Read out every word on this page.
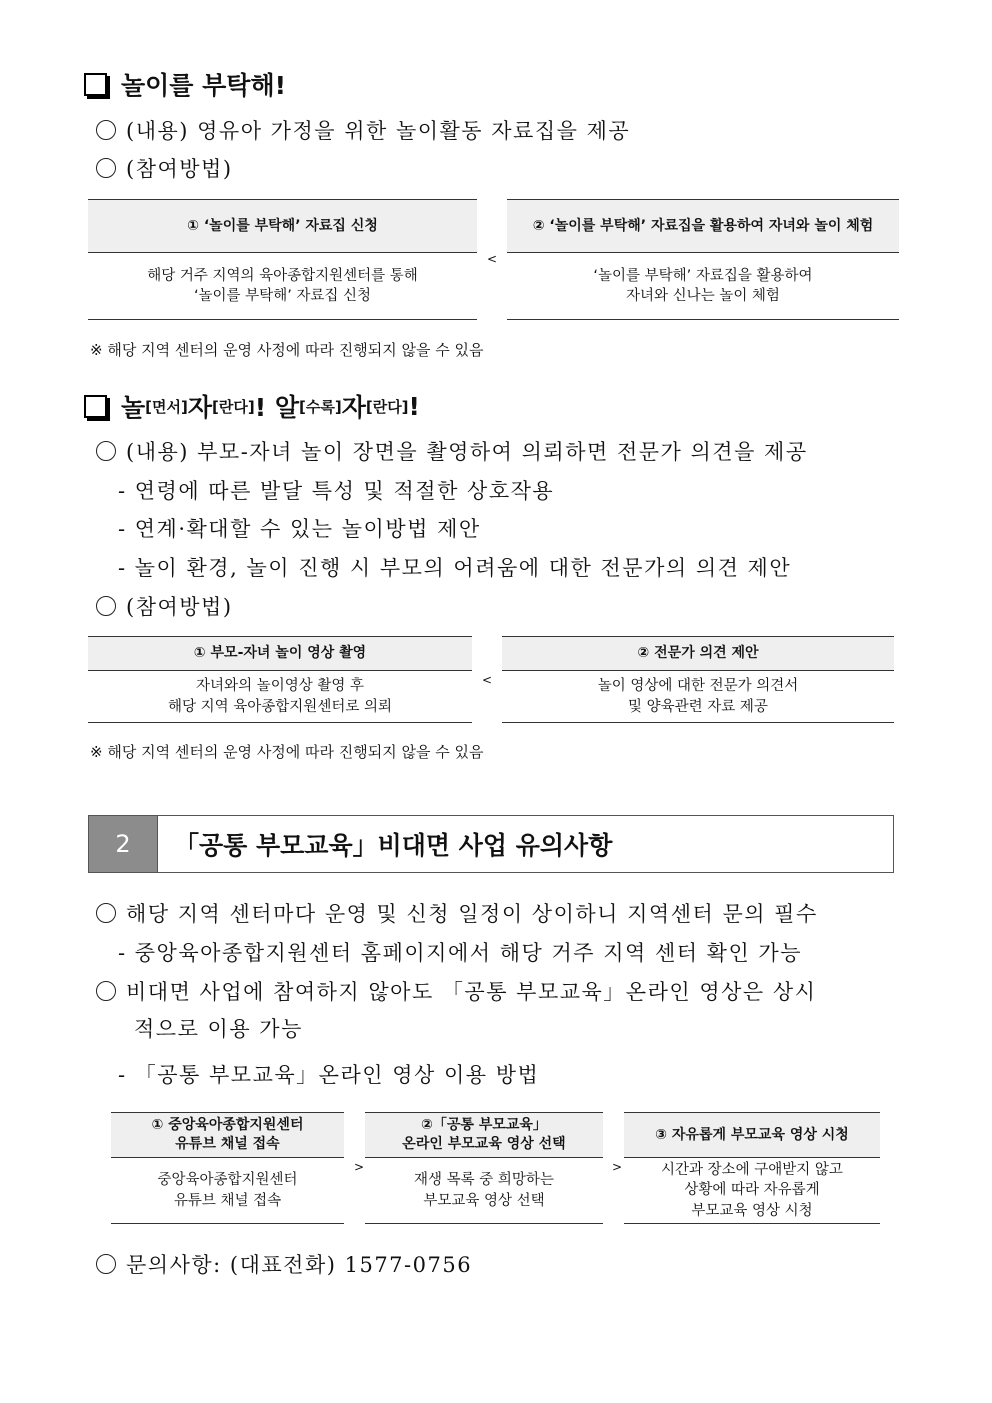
놀이를 부탁해!
(내용) 영유아 가정을 위한 놀이활동 자료집을 제공
(참여방법)
① ‘놀이를 부탁해’ 자료집 신청
해당 거주 지역의 육아종합지원센터를 통해
‘놀이를 부탁해’ 자료집 신청
<
② ‘놀이를 부탁해’ 자료집을 활용하여 자녀와 놀이 체험
‘놀이를 부탁해’ 자료집을 활용하여
자녀와 신나는 놀이 체험
※ 해당 지역 센터의 운영 사정에 따라 진행되지 않을 수 있음
놀 [면서] 자 [란다] ! 알 [수록] 자 [란다] !
(내용) 부모-자녀 놀이 장면을 촬영하여 의뢰하면 전문가 의견을 제공
- 연령에 따른 발달 특성 및 적절한 상호작용
- 연계·확대할 수 있는 놀이방법 제안
- 놀이 환경, 놀이 진행 시 부모의 어려움에 대한 전문가의 의견 제안
(참여방법)
① 부모-자녀 놀이 영상 촬영
자녀와의 놀이영상 촬영 후
해당 지역 육아종합지원센터로 의뢰
<
② 전문가 의견 제안
놀이 영상에 대한 전문가 의견서
및 양육관련 자료 제공
※ 해당 지역 센터의 운영 사정에 따라 진행되지 않을 수 있음
2	「공통 부모교육」비대면 사업 유의사항
해당 지역 센터마다 운영 및 신청 일정이 상이하니 지역센터 문의 필수
- 중앙육아종합지원센터 홈페이지에서 해당 거주 지역 센터 확인 가능
비대면 사업에 참여하지 않아도 「공통 부모교육」온라인 영상은 상시
적으로 이용 가능
- 「공통 부모교육」온라인 영상 이용 방법
① 중앙육아종합지원센터
유튜브 채널 접속
중앙육아종합지원센터
유튜브 채널 접속
>
②「공통 부모교육」
온라인 부모교육 영상 선택
재생 목록 중 희망하는
부모교육 영상 선택
>
③ 자유롭게 부모교육 영상 시청
시간과 장소에 구애받지 않고
상황에 따라 자유롭게
부모교육 영상 시청
문의사항: (대표전화) 1577-0756
